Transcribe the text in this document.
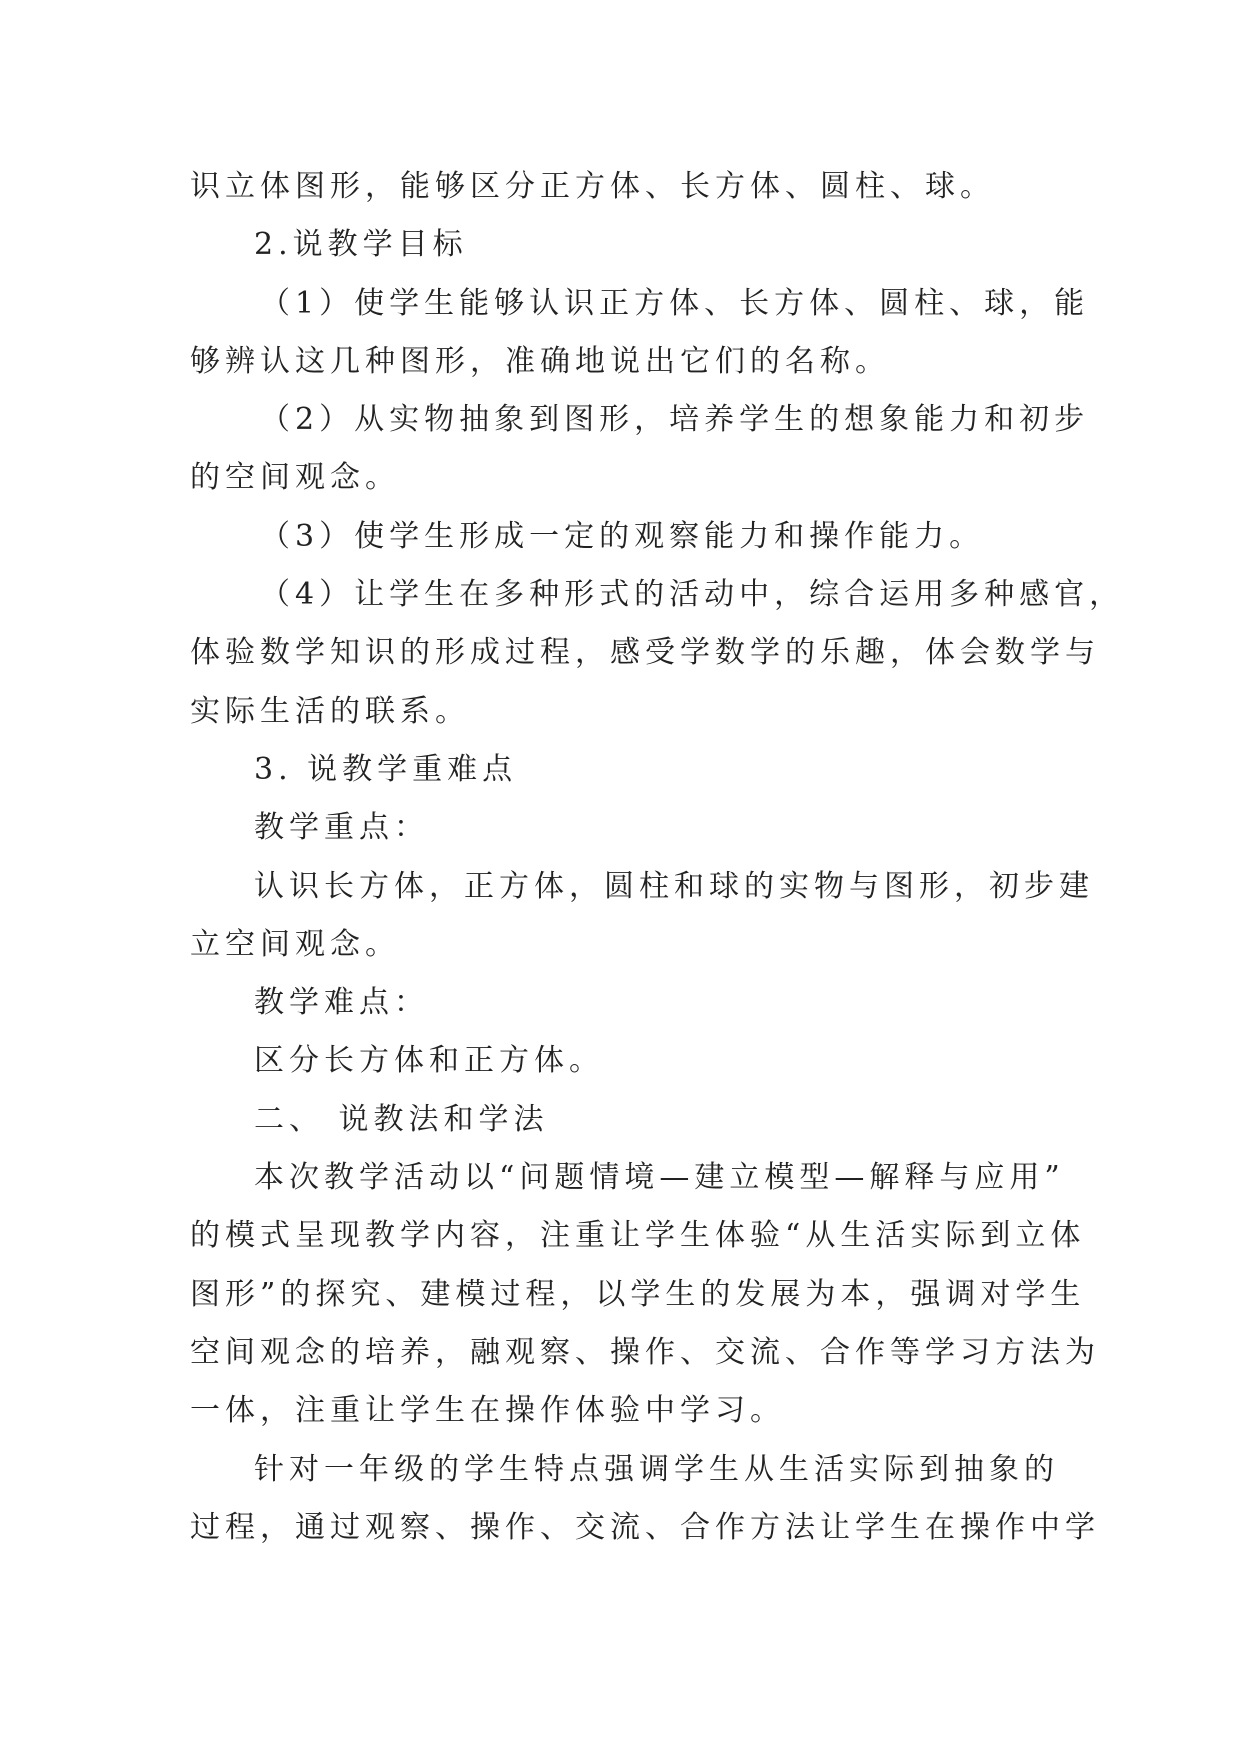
识立体图形，能够区分正方体、长方体、圆柱、球。
2.说教学目标
（1）使学生能够认识正方体、长方体、圆柱、球，能
够辨认这几种图形，准确地说出它们的名称。
（2）从实物抽象到图形，培养学生的想象能力和初步
的空间观念。
（3）使学生形成一定的观察能力和操作能力。
（4）让学生在多种形式的活动中，综合运用多种感官，
体验数学知识的形成过程，感受学数学的乐趣，体会数学与
实际生活的联系。
3. 说教学重难点
教学重点：
认识长方体，正方体，圆柱和球的实物与图形，初步建
立空间观念。
教学难点：
区分长方体和正方体。
二、 说教法和学法
本次教学活动以“问题情境—建立模型—解释与应用”
的模式呈现教学内容，注重让学生体验“从生活实际到立体
图形”的探究、建模过程，以学生的发展为本，强调对学生
空间观念的培养，融观察、操作、交流、合作等学习方法为
一体，注重让学生在操作体验中学习。
针对一年级的学生特点强调学生从生活实际到抽象的
过程，通过观察、操作、交流、合作方法让学生在操作中学
